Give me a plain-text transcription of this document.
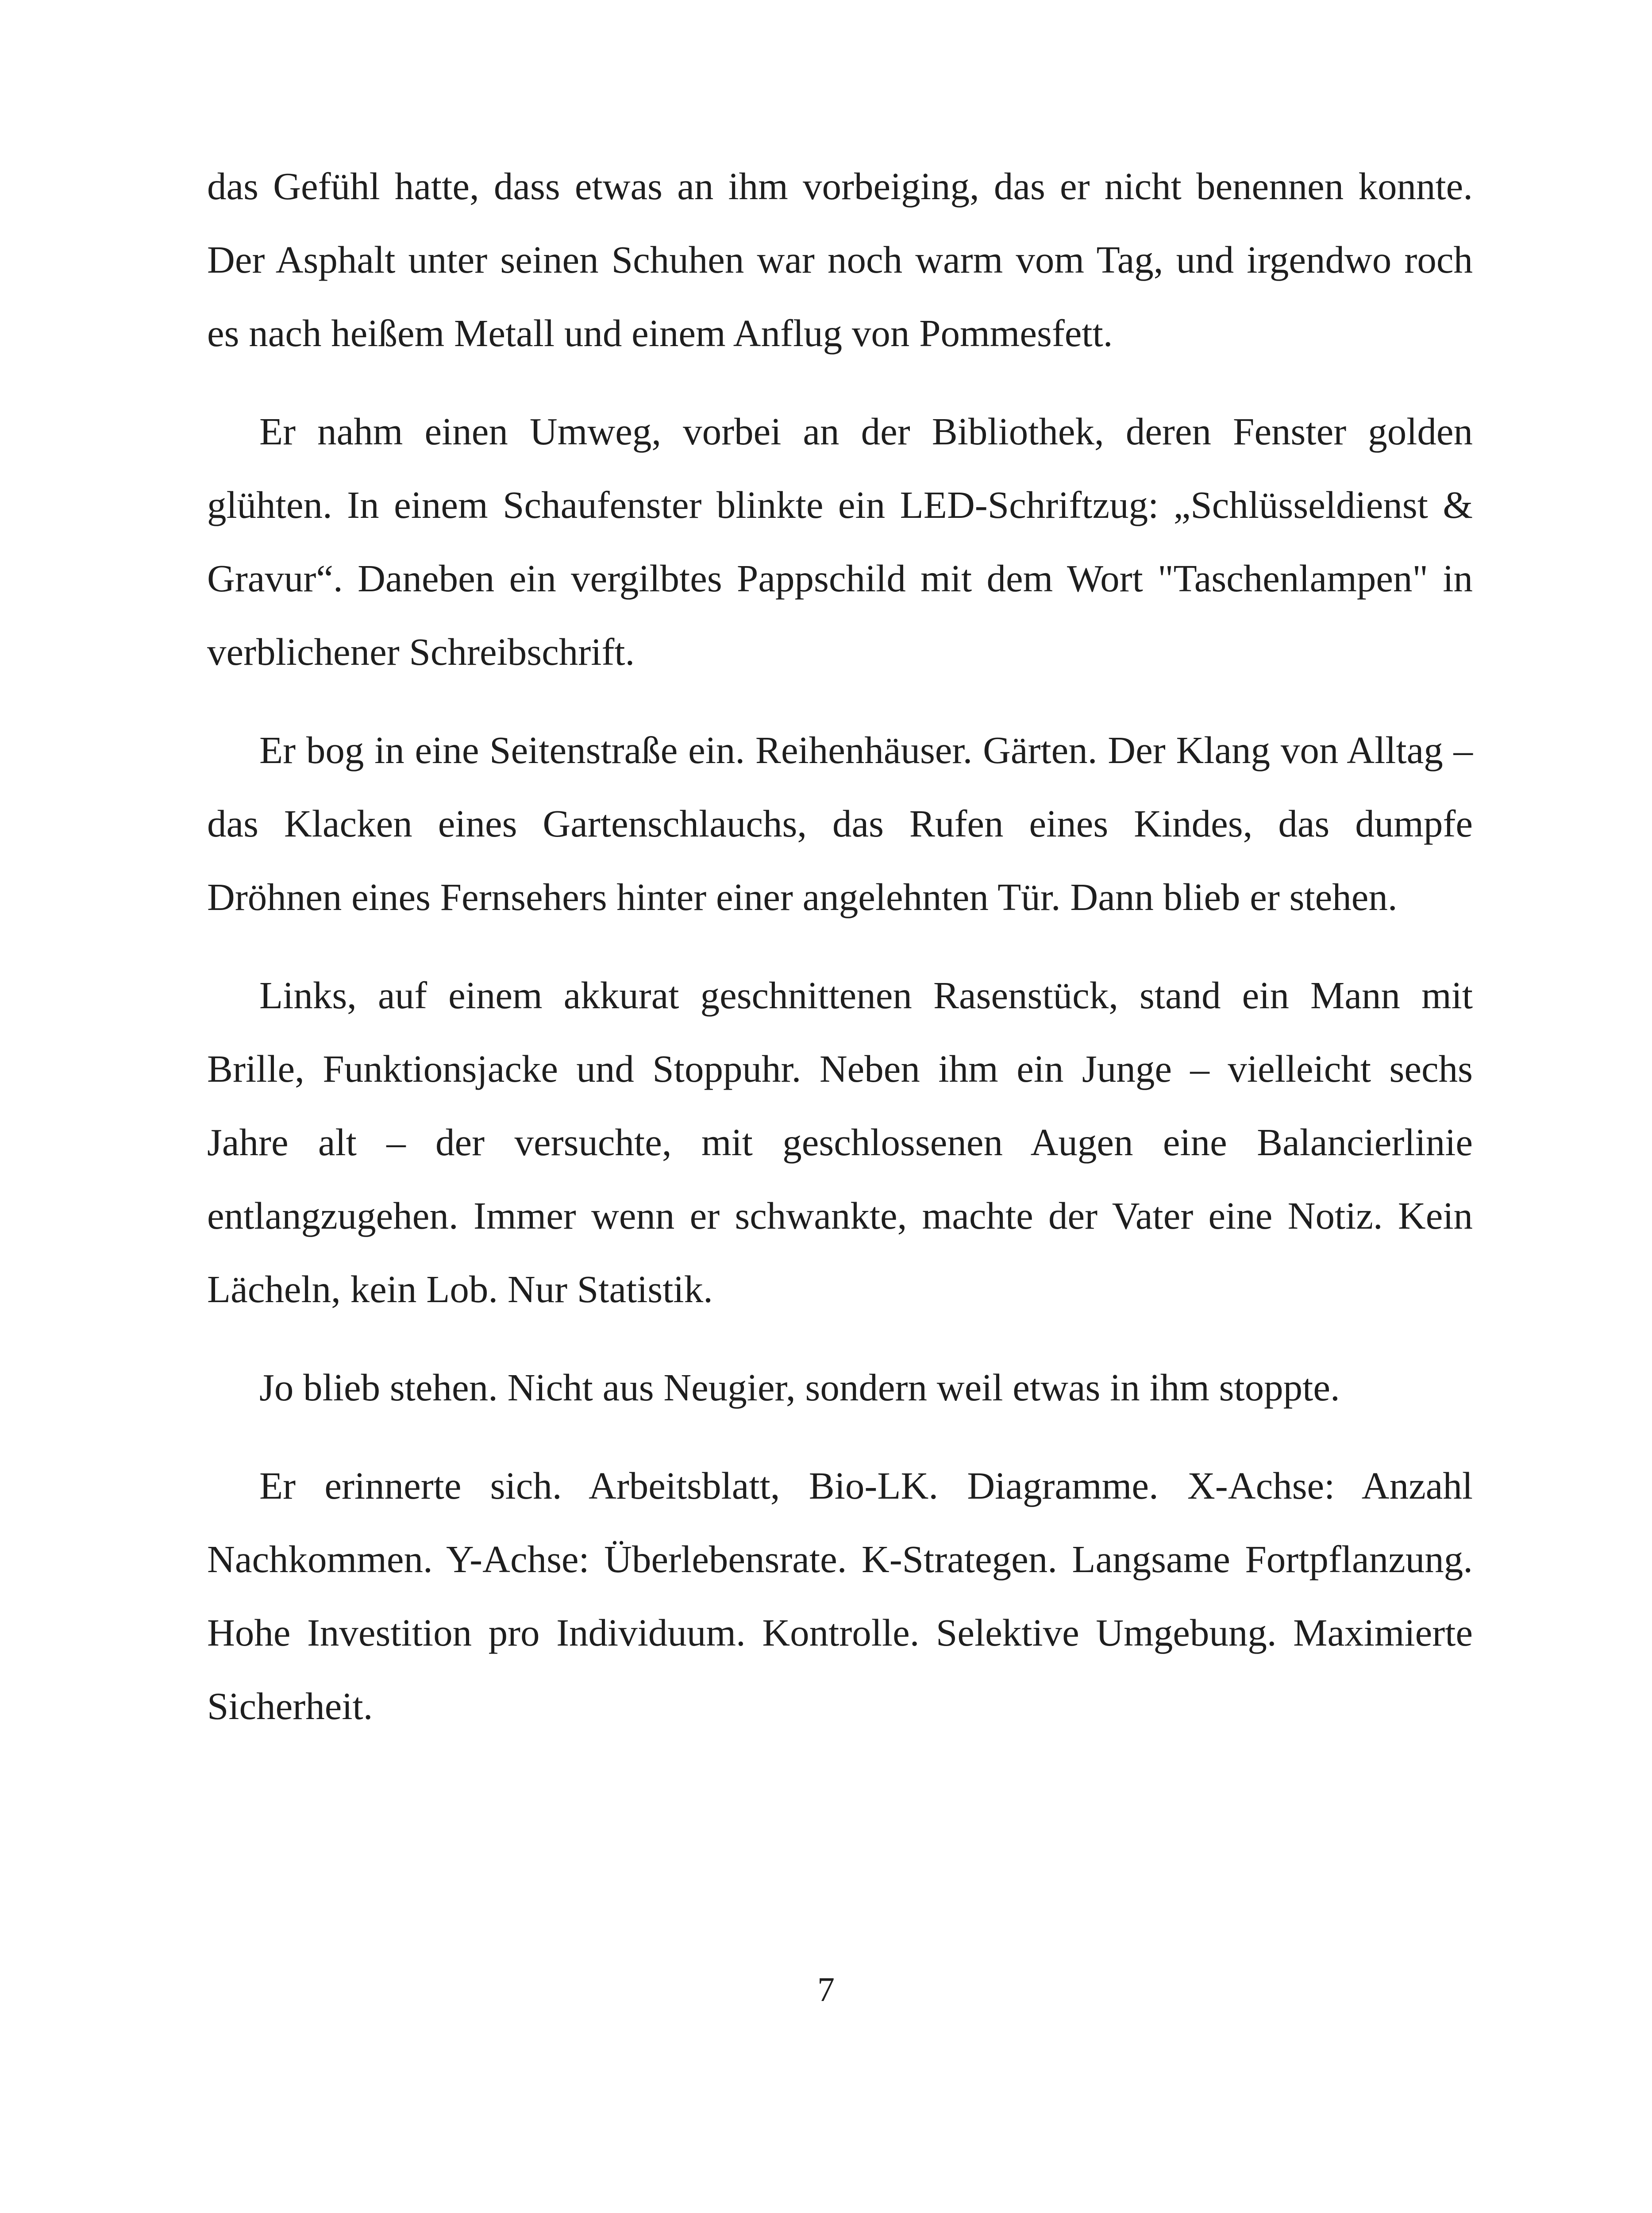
das Gefühl hatte, dass etwas an ihm vorbeiging, das er nicht benennen konnte. Der Asphalt unter seinen Schuhen war noch warm vom Tag, und irgendwo roch es nach heißem Metall und einem Anflug von Pommesfett.

Er nahm einen Umweg, vorbei an der Bibliothek, deren Fenster golden glühten. In einem Schaufenster blinkte ein LED-Schriftzug: „Schlüsseldienst & Gravur“. Daneben ein vergilbtes Pappschild mit dem Wort "Taschenlampen" in verblichener Schreibschrift.

Er bog in eine Seitenstraße ein. Reihenhäuser. Gärten. Der Klang von Alltag – das Klacken eines Gartenschlauchs, das Rufen eines Kindes, das dumpfe Dröhnen eines Fernsehers hinter einer angelehnten Tür. Dann blieb er stehen.

Links, auf einem akkurat geschnittenen Rasenstück, stand ein Mann mit Brille, Funktionsjacke und Stoppuhr. Neben ihm ein Junge – vielleicht sechs Jahre alt – der versuchte, mit geschlossenen Augen eine Balancierlinie entlangzugehen. Immer wenn er schwankte, machte der Vater eine Notiz. Kein Lächeln, kein Lob. Nur Statistik.

Jo blieb stehen. Nicht aus Neugier, sondern weil etwas in ihm stoppte.

Er erinnerte sich. Arbeitsblatt, Bio-LK. Diagramme. X-Achse: Anzahl Nachkommen. Y-Achse: Überlebensrate. K-Strategen. Langsame Fortpflanzung. Hohe Investition pro Individuum. Kontrolle. Selektive Umgebung. Maximierte Sicherheit.

7
